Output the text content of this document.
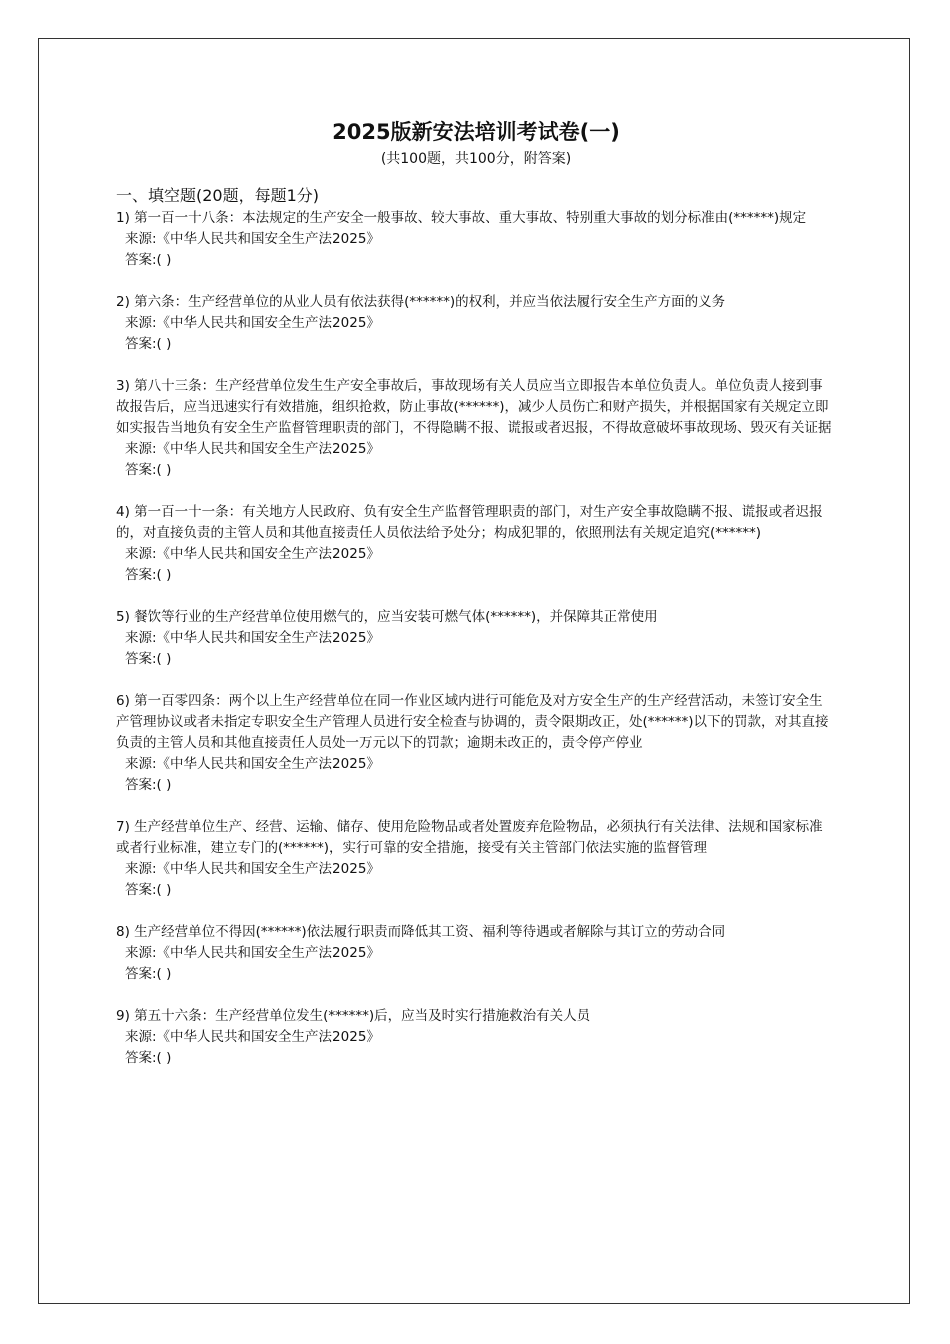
2025版新安法培训考试卷(一)

(共100题，共100分，附答案)

一、填空题(20题，每题1分)

1) 第一百一十八条：本法规定的生产安全一般事故、较大事故、重大事故、特别重大事故的划分标准由(******)规定

来源:《中华人民共和国安全生产法2025》

答案:( )

2) 第六条：生产经营单位的从业人员有依法获得(******)的权利，并应当依法履行安全生产方面的义务

来源:《中华人民共和国安全生产法2025》

答案:( )

3) 第八十三条：生产经营单位发生生产安全事故后，事故现场有关人员应当立即报告本单位负责人。单位负责人接到事故报告后，应当迅速实行有效措施，组织抢救，防止事故(******)，减少人员伤亡和财产损失，并根据国家有关规定立即如实报告当地负有安全生产监督管理职责的部门，不得隐瞒不报、谎报或者迟报，不得故意破坏事故现场、毁灭有关证据

来源:《中华人民共和国安全生产法2025》

答案:( )

4) 第一百一十一条：有关地方人民政府、负有安全生产监督管理职责的部门，对生产安全事故隐瞒不报、谎报或者迟报的，对直接负责的主管人员和其他直接责任人员依法给予处分；构成犯罪的，依照刑法有关规定追究(******)

来源:《中华人民共和国安全生产法2025》

答案:( )

5) 餐饮等行业的生产经营单位使用燃气的，应当安装可燃气体(******)，并保障其正常使用

来源:《中华人民共和国安全生产法2025》

答案:( )

6) 第一百零四条：两个以上生产经营单位在同一作业区域内进行可能危及对方安全生产的生产经营活动，未签订安全生产管理协议或者未指定专职安全生产管理人员进行安全检查与协调的，责令限期改正，处(******)以下的罚款，对其直接负责的主管人员和其他直接责任人员处一万元以下的罚款；逾期未改正的，责令停产停业

来源:《中华人民共和国安全生产法2025》

答案:( )

7) 生产经营单位生产、经营、运输、储存、使用危险物品或者处置废弃危险物品，必须执行有关法律、法规和国家标准或者行业标准，建立专门的(******)，实行可靠的安全措施，接受有关主管部门依法实施的监督管理

来源:《中华人民共和国安全生产法2025》

答案:( )

8) 生产经营单位不得因(******)依法履行职责而降低其工资、福利等待遇或者解除与其订立的劳动合同

来源:《中华人民共和国安全生产法2025》

答案:( )

9) 第五十六条：生产经营单位发生(******)后，应当及时实行措施救治有关人员

来源:《中华人民共和国安全生产法2025》

答案:( )
